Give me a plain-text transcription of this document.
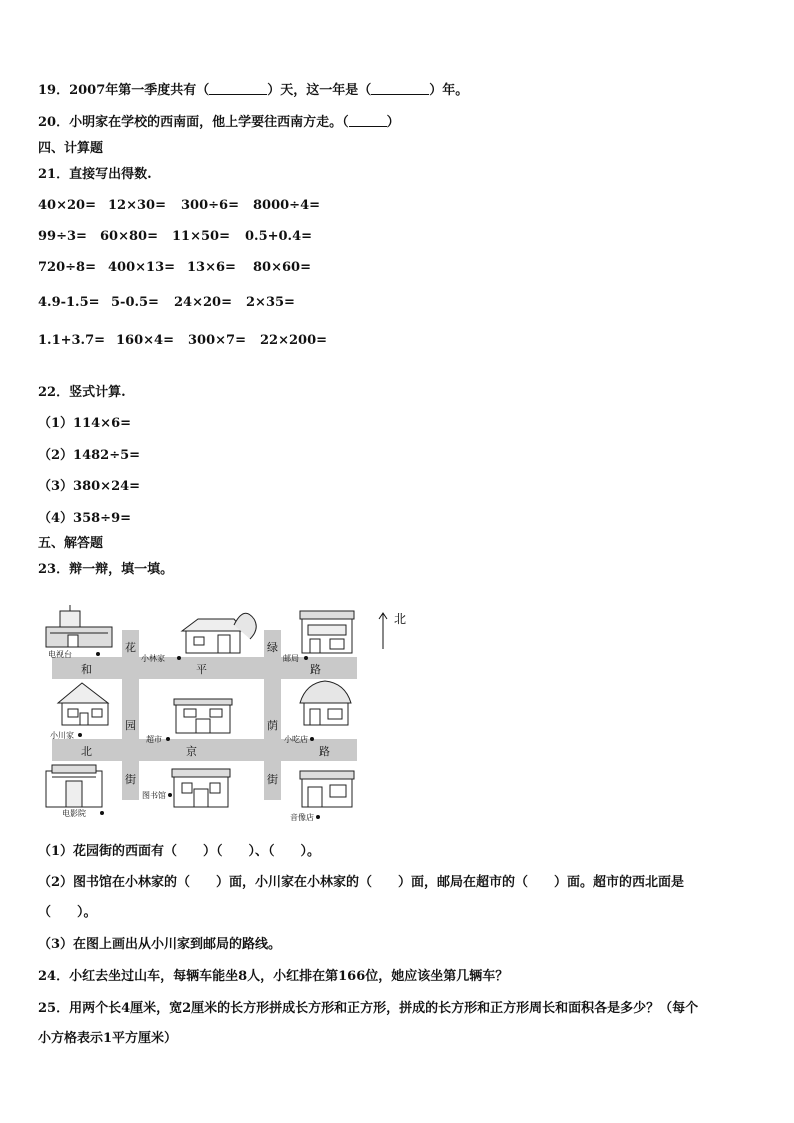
19．2007年第一季度共有（	）天，这一年是（	）年。
20．小明家在学校的西南面，他上学要往西南方走。（	）
四、计算题
21．直接写出得数.
40×20= 12×30= 300÷6= 8000÷4=
99÷3= 60×80= 11×50= 0.5+0.4=
720÷8= 400×13= 13×6= 80×60=
4.9-1.5= 5-0.5= 24×20= 2×35=
1.1+3.7= 160×4= 300×7= 22×200=
22．竖式计算.
（1）114×6=
（2）1482÷5=
（3）380×24=
（4）358÷9=
五、解答题
23．辩一辩，填一填。
和	平	路
北	京	路
花
园
街
绿
荫
街
北
电视台	小林家	邮局
小川家	超市	小吃店
电影院
图书馆
音像店
（1）花园街的西面有（　　）（　　）、（　　）。
（2）图书馆在小林家的（　　）面，小川家在小林家的（　　）面，邮局在超市的（　　）面。超市的西北面是
（　　）。
（3）在图上画出从小川家到邮局的路线。
24．小红去坐过山车，每辆车能坐8人，小红排在第166位，她应该坐第几辆车？
25．用两个长4厘米，宽2厘米的长方形拼成长方形和正方形，拼成的长方形和正方形周长和面积各是多少？（每个
小方格表示1平方厘米）
